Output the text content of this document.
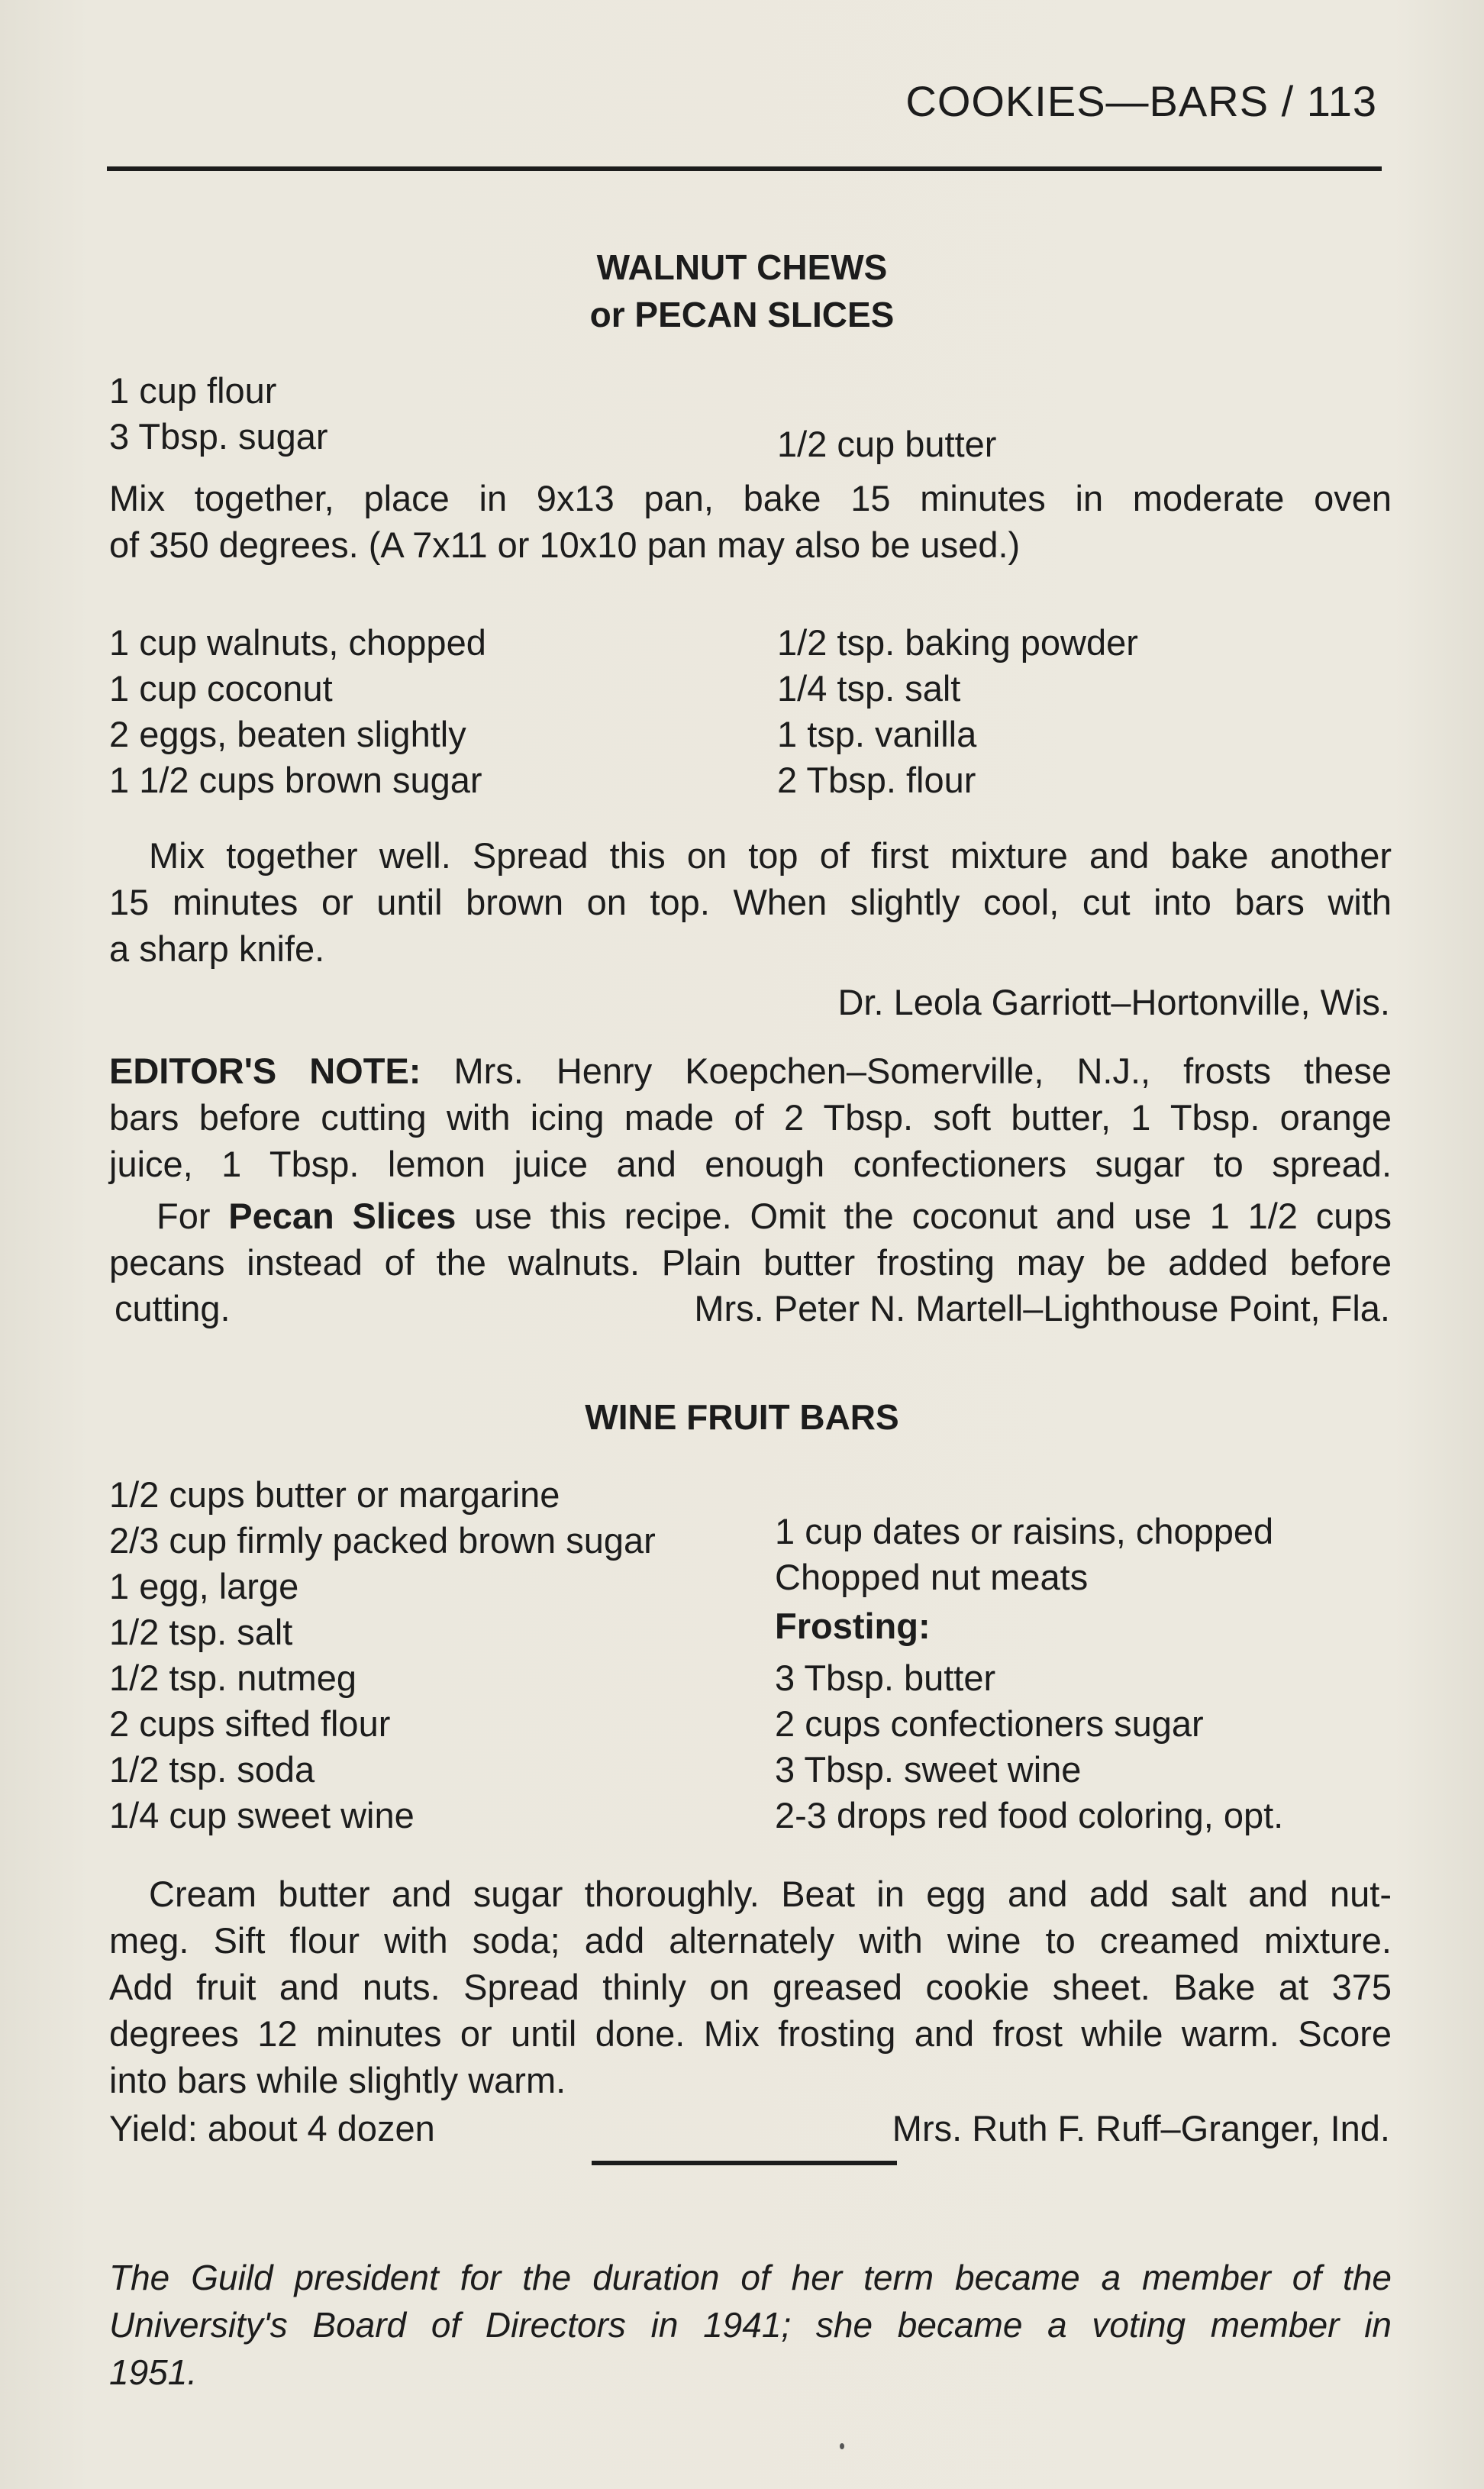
COOKIES—BARS / 113
WALNUT CHEWS
or PECAN SLICES
1 cup flour
3 Tbsp. sugar	1/2 cup butter
Mix together, place in 9x13 pan, bake 15 minutes in moderate oven
of 350 degrees. (A 7x11 or 10x10 pan may also be used.)
1 cup walnuts, chopped
1 cup coconut
2 eggs, beaten slightly
1 1/2 cups brown sugar
1/2 tsp. baking powder
1/4 tsp. salt
1 tsp. vanilla
2 Tbsp. flour
Mix together well. Spread this on top of first mixture and bake another
15 minutes or until brown on top. When slightly cool, cut into bars with
a sharp knife.
Dr. Leola Garriott–Hortonville, Wis.
EDITOR'S NOTE: Mrs. Henry Koepchen–Somerville, N.J., frosts these
bars before cutting with icing made of 2 Tbsp. soft butter, 1 Tbsp. orange
juice, 1 Tbsp. lemon juice and enough confectioners sugar to spread.
For Pecan Slices use this recipe. Omit the coconut and use 1 1/2 cups
pecans instead of the walnuts. Plain butter frosting may be added before
cutting.	Mrs. Peter N. Martell–Lighthouse Point, Fla.
WINE FRUIT BARS
1/2 cups butter or margarine
2/3 cup firmly packed brown sugar
1 egg, large
1/2 tsp. salt
1/2 tsp. nutmeg
2 cups sifted flour
1/2 tsp. soda
1/4 cup sweet wine
1 cup dates or raisins, chopped
Chopped nut meats
Frosting:
3 Tbsp. butter
2 cups confectioners sugar
3 Tbsp. sweet wine
2-3 drops red food coloring, opt.
Cream butter and sugar thoroughly. Beat in egg and add salt and nut-
meg. Sift flour with soda; add alternately with wine to creamed mixture.
Add fruit and nuts. Spread thinly on greased cookie sheet. Bake at 375
degrees 12 minutes or until done. Mix frosting and frost while warm. Score
into bars while slightly warm.
Yield: about 4 dozen	Mrs. Ruth F. Ruff–Granger, Ind.
The Guild president for the duration of her term became a member of the
University's Board of Directors in 1941; she became a voting member in
1951.
